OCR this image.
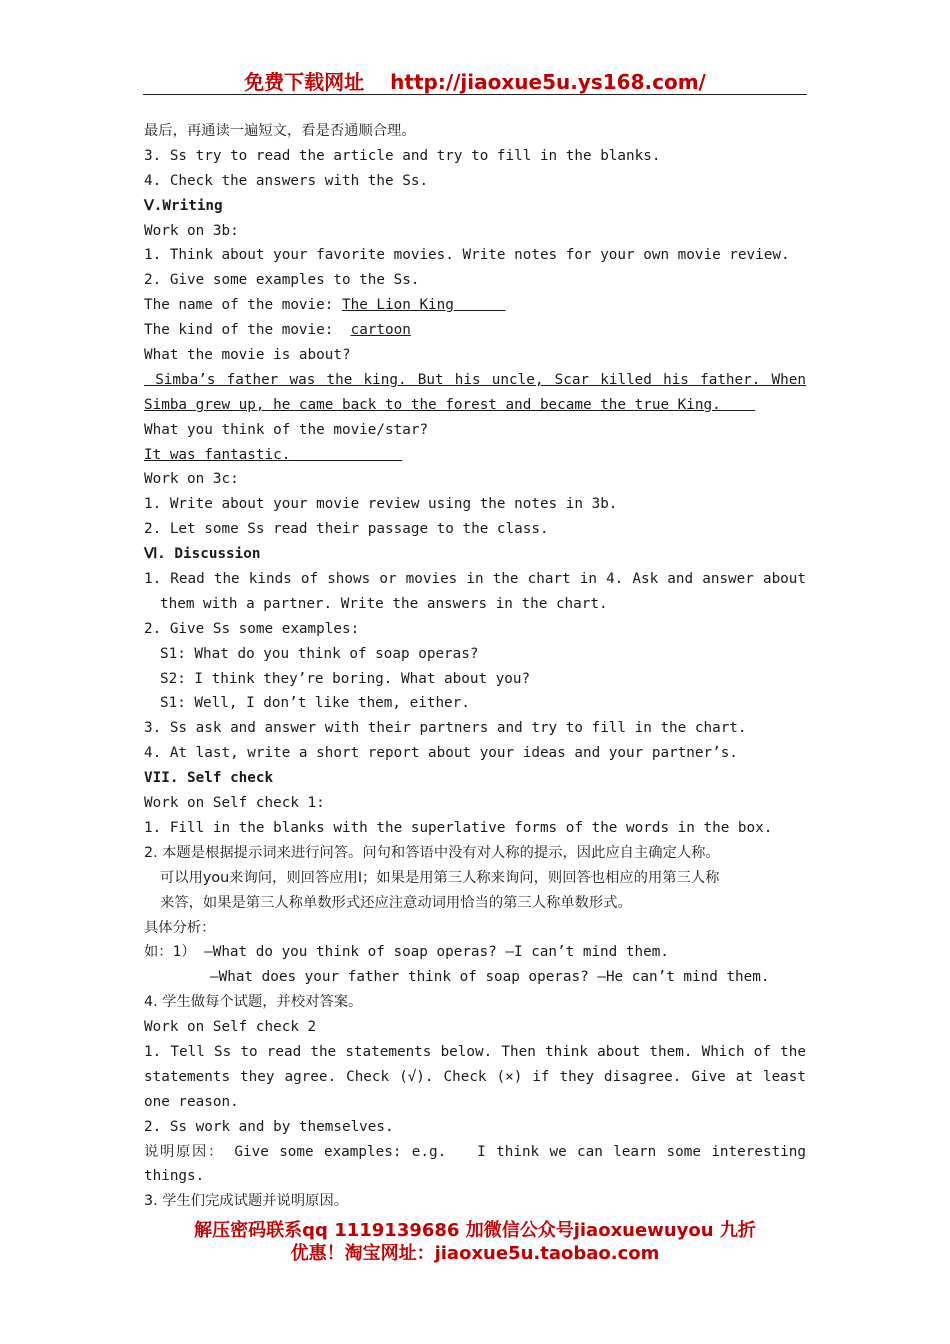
免费下载网址 http://jiaoxue5u.ys168.com/
最后，再通读一遍短文，看是否通顺合理。
3. Ss try to read the article and try to fill in the blanks.
4. Check the answers with the Ss.
Ⅴ.Writing
Work on 3b:
1. Think about your favorite movies. Write notes for your own movie review.
2. Give some examples to the Ss.
The name of the movie: The Lion King
The kind of the movie:  cartoon
What the movie is about?
Simba’s father was the king. But his uncle, Scar killed his father. When
Simba grew up, he came back to the forest and became the true King.
What you think of the movie/star?
It was fantastic.
Work on 3c:
1. Write about your movie review using the notes in 3b.
2. Let some Ss read their passage to the class.
Ⅵ. Discussion
1. Read the kinds of shows or movies in the chart in 4. Ask and answer about
them with a partner. Write the answers in the chart.
2. Give Ss some examples:
S1: What do you think of soap operas?
S2: I think they’re boring. What about you?
S1: Well, I don’t like them, either.
3. Ss ask and answer with their partners and try to fill in the chart.
4. At last, write a short report about your ideas and your partner’s.
VII. Self check
Work on Self check 1:
1. Fill in the blanks with the superlative forms of the words in the box.
2. 本题是根据提示词来进行问答。问句和答语中没有对人称的提示，因此应自主确定人称。
可以用you来询问，则回答应用I；如果是用第三人称来询问，则回答也相应的用第三人称
来答，如果是第三人称单数形式还应注意动词用恰当的第三人称单数形式。
具体分析：
如：1） —What do you think of soap operas? —I can’t mind them.
—What does your father think of soap operas? —He can’t mind them.
4. 学生做每个试题，并校对答案。
Work on Self check 2
1. Tell Ss to read the statements below. Then think about them. Which of the
statements they agree. Check (√). Check (×) if they disagree. Give at least
one reason.
2. Ss work and by themselves.
说明原因： Give some examples: e.g.   I think we can learn some interesting
things.
3. 学生们完成试题并说明原因。
解压密码联系qq 1119139686 加微信公众号jiaoxuewuyou 九折
优惠！淘宝网址：jiaoxue5u.taobao.com
